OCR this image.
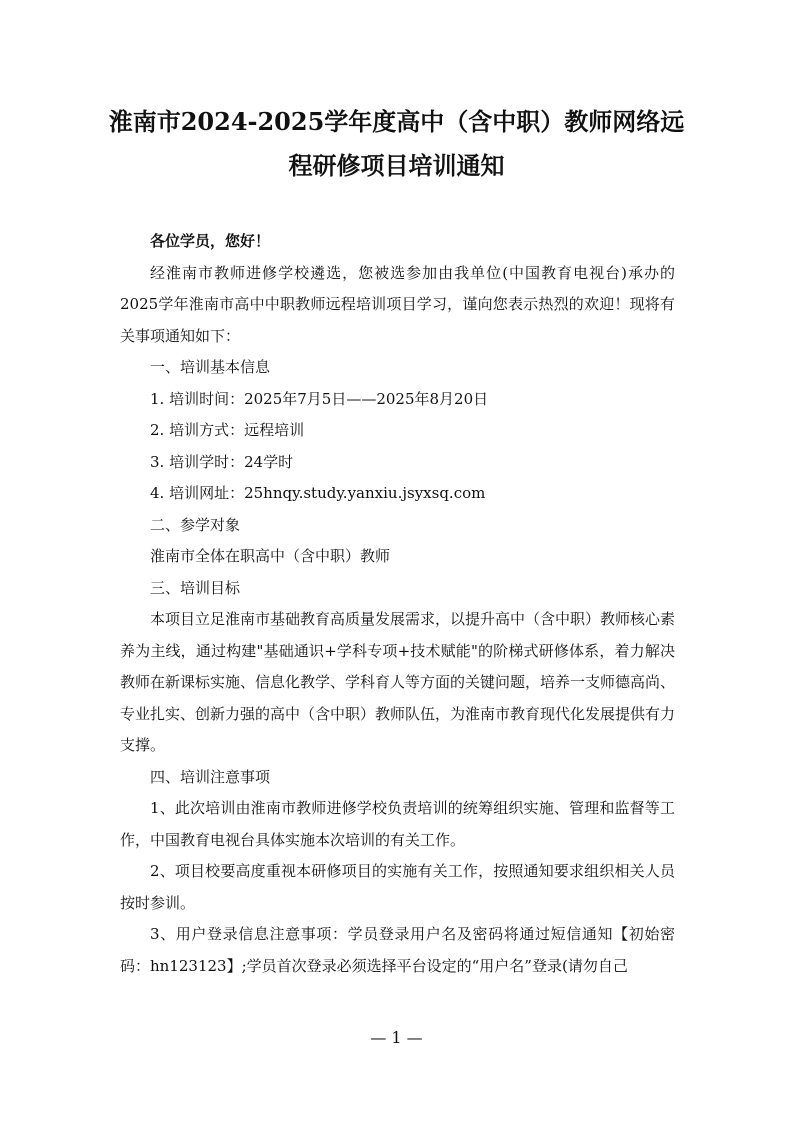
淮南市2024-2025学年度高中（含中职）教师网络远
程研修项目培训通知

各位学员，您好！

经淮南市教师进修学校遴选，您被选参加由我单位(中国教育电视台)承办的2025学年淮南市高中中职教师远程培训项目学习，谨向您表示热烈的欢迎！现将有关事项通知如下：

一、培训基本信息

1. 培训时间：2025年7月5日——2025年8月20日

2. 培训方式：远程培训

3. 培训学时：24学时

4. 培训网址：25hnqy.study.yanxiu.jsyxsq.com

二、参学对象

淮南市全体在职高中（含中职）教师

三、培训目标

本项目立足淮南市基础教育高质量发展需求，以提升高中（含中职）教师核心素养为主线，通过构建"基础通识+学科专项+技术赋能"的阶梯式研修体系，着力解决教师在新课标实施、信息化教学、学科育人等方面的关键问题，培养一支师德高尚、专业扎实、创新力强的高中（含中职）教师队伍，为淮南市教育现代化发展提供有力支撑。

四、培训注意事项

1、此次培训由淮南市教师进修学校负责培训的统筹组织实施、管理和监督等工作，中国教育电视台具体实施本次培训的有关工作。

2、项目校要高度重视本研修项目的实施有关工作，按照通知要求组织相关人员按时参训。

3、用户登录信息注意事项：学员登录用户名及密码将通过短信通知【初始密码：hn123123】;学员首次登录必须选择平台设定的“用户名”登录(请勿自己

— 1 —
